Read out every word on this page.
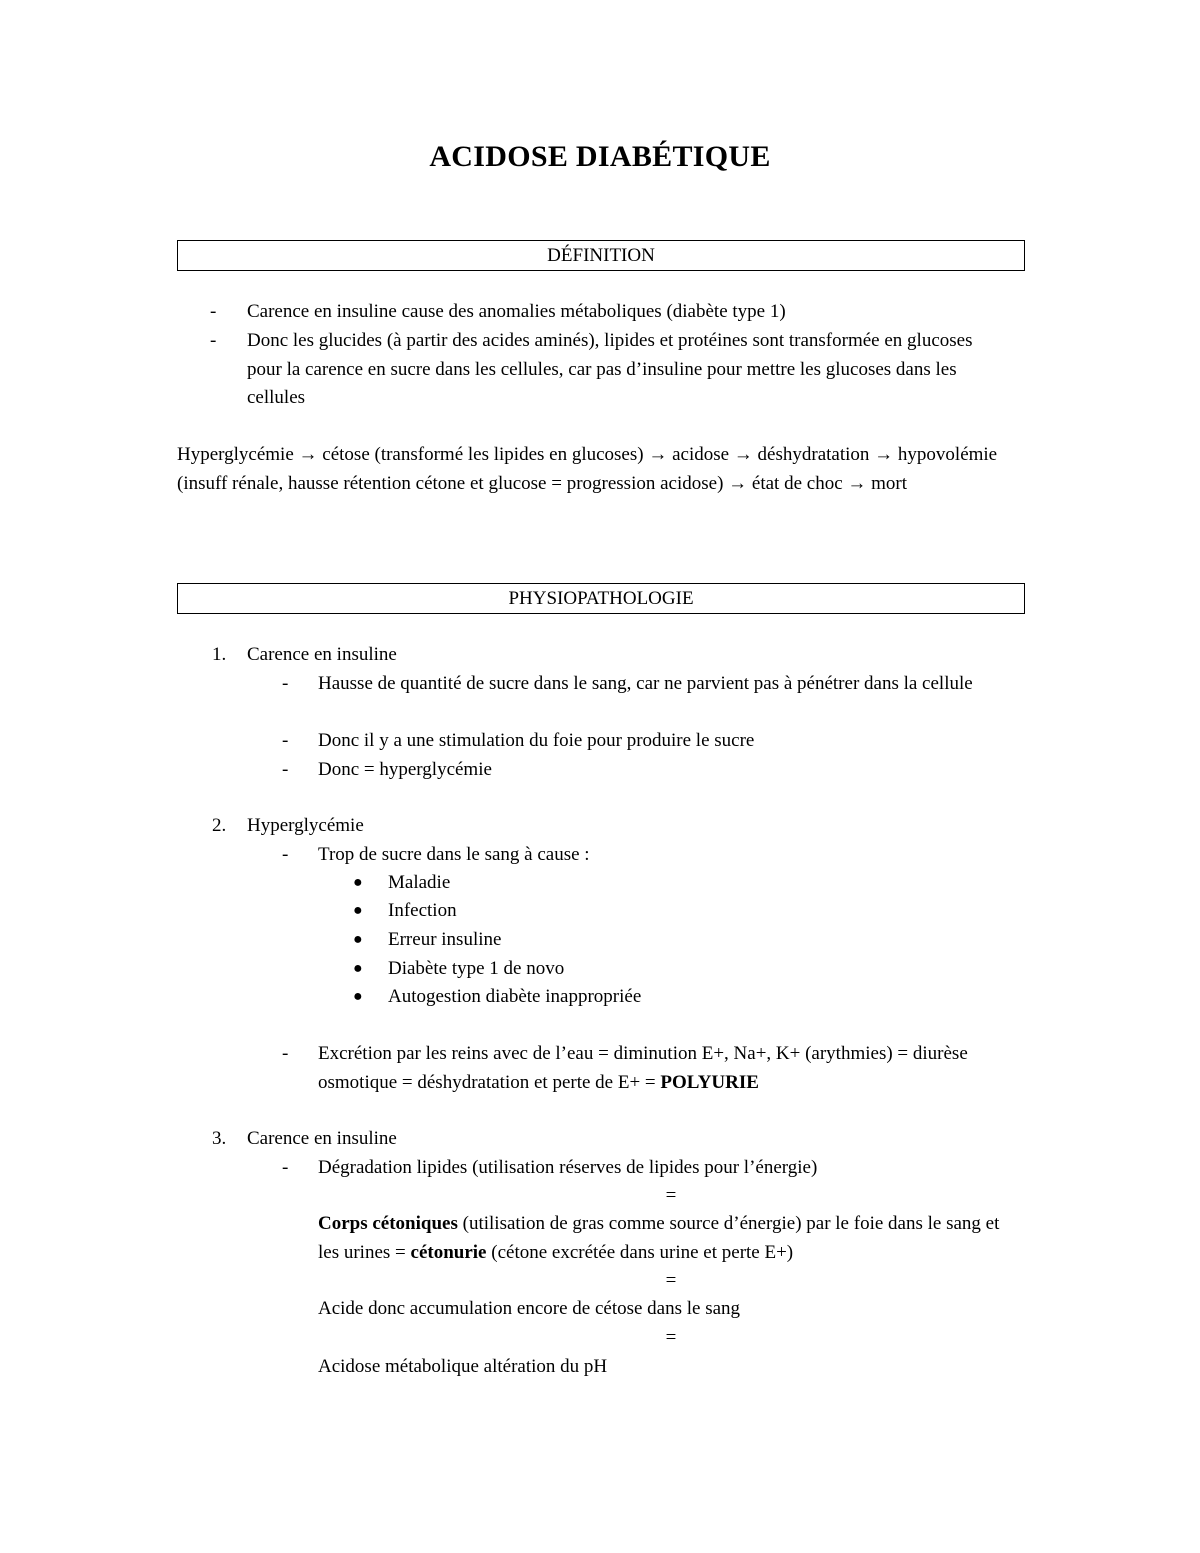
ACIDOSE DIABÉTIQUE
DÉFINITION
- Carence en insuline cause des anomalies métaboliques (diabète type 1)
- Donc les glucides (à partir des acides aminés), lipides et protéines sont transformée en glucoses pour la carence en sucre dans les cellules, car pas d’insuline pour mettre les glucoses dans les cellules
Hyperglycémie → cétose (transformé les lipides en glucoses) → acidose → déshydratation → hypovolémie (insuff rénale, hausse rétention cétone et glucose = progression acidose) → état de choc → mort
PHYSIOPATHOLOGIE
1. Carence en insuline
- Hausse de quantité de sucre dans le sang, car ne parvient pas à pénétrer dans la cellule
- Donc il y a une stimulation du foie pour produire le sucre
- Donc = hyperglycémie
2. Hyperglycémie
- Trop de sucre dans le sang à cause :
● Maladie
● Infection
● Erreur insuline
● Diabète type 1 de novo
● Autogestion diabète inappropriée
- Excrétion par les reins avec de l’eau = diminution E+, Na+, K+ (arythmies) = diurèse osmotique = déshydratation et perte de E+ = POLYURIE
3. Carence en insuline
- Dégradation lipides (utilisation réserves de lipides pour l’énergie)
=
Corps cétoniques (utilisation de gras comme source d’énergie) par le foie dans le sang et les urines = cétonurie (cétone excrétée dans urine et perte E+)
=
Acide donc accumulation encore de cétose dans le sang
=
Acidose métabolique altération du pH
